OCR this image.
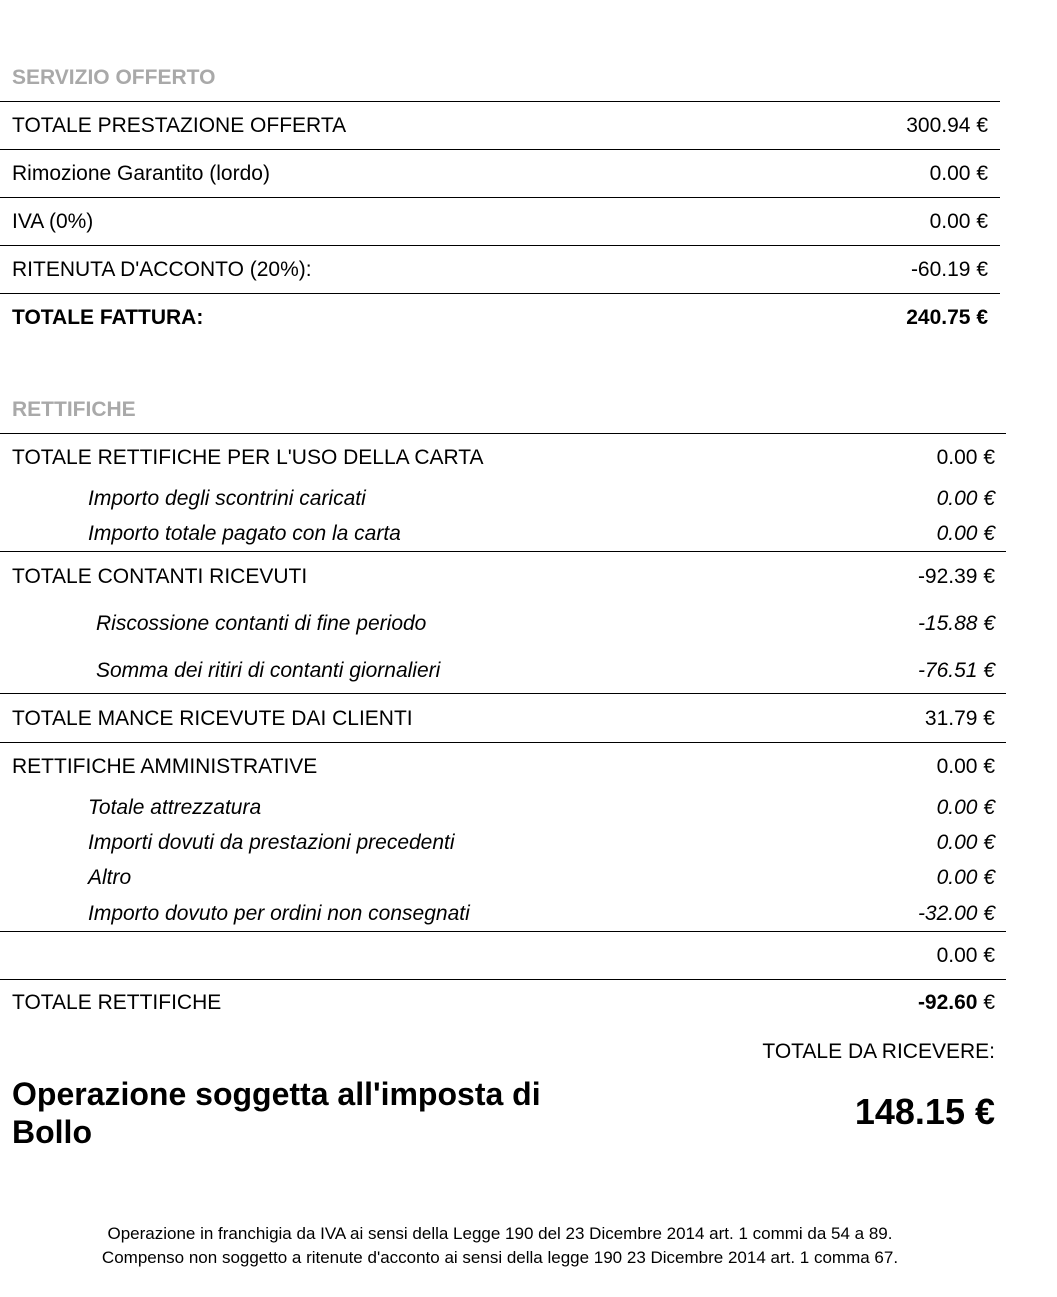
SERVIZIO OFFERTO
TOTALE PRESTAZIONE OFFERTA	300.94 €
Rimozione Garantito (lordo)	0.00 €
IVA (0%)	0.00 €
RITENUTA D'ACCONTO (20%):	-60.19 €
TOTALE FATTURA:	240.75 €
RETTIFICHE
TOTALE RETTIFICHE PER L'USO DELLA CARTA	0.00 €
Importo degli scontrini caricati	0.00 €
Importo totale pagato con la carta	0.00 €
TOTALE CONTANTI RICEVUTI	-92.39 €
Riscossione contanti di fine periodo	-15.88 €
Somma dei ritiri di contanti giornalieri	-76.51 €
TOTALE MANCE RICEVUTE DAI CLIENTI	31.79 €
RETTIFICHE AMMINISTRATIVE	0.00 €
Totale attrezzatura	0.00 €
Importi dovuti da prestazioni precedenti	0.00 €
Altro	0.00 €
Importo dovuto per ordini non consegnati	-32.00 €
0.00 €
TOTALE RETTIFICHE	-92.60 €
TOTALE DA RICEVERE:
Operazione soggetta all'imposta di Bollo	148.15 €
Operazione in franchigia da IVA ai sensi della Legge 190 del 23 Dicembre 2014 art. 1 commi da 54 a 89.
Compenso non soggetto a ritenute d'acconto ai sensi della legge 190 23 Dicembre 2014 art. 1 comma 67.
